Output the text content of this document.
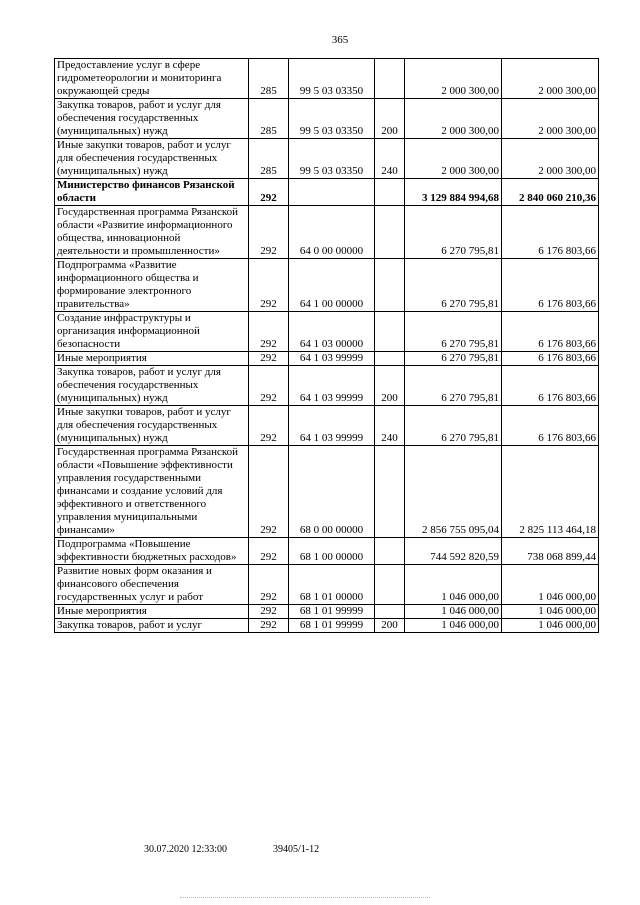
365
Предоставление услуг в сфере гидрометеорологии и мониторинга окружающей среды	285	99 5 03 03350		2 000 300,00	2 000 300,00
Закупка товаров, работ и услуг для обеспечения государственных (муниципальных) нужд	285	99 5 03 03350	200	2 000 300,00	2 000 300,00
Иные закупки товаров, работ и услуг для обеспечения государственных (муниципальных) нужд	285	99 5 03 03350	240	2 000 300,00	2 000 300,00
Министерство финансов Рязанской области	292			3 129 884 994,68	2 840 060 210,36
Государственная программа Рязанской области «Развитие информационного общества, инновационной деятельности и промышленности»	292	64 0 00 00000		6 270 795,81	6 176 803,66
Подпрограмма «Развитие информационного общества и формирование электронного правительства»	292	64 1 00 00000		6 270 795,81	6 176 803,66
Создание инфраструктуры и организация информационной безопасности	292	64 1 03 00000		6 270 795,81	6 176 803,66
Иные мероприятия	292	64 1 03 99999		6 270 795,81	6 176 803,66
Закупка товаров, работ и услуг для обеспечения государственных (муниципальных) нужд	292	64 1 03 99999	200	6 270 795,81	6 176 803,66
Иные закупки товаров, работ и услуг для обеспечения государственных (муниципальных) нужд	292	64 1 03 99999	240	6 270 795,81	6 176 803,66
Государственная программа Рязанской области «Повышение эффективности управления государственными финансами и создание условий для эффективного и ответственного управления муниципальными финансами»	292	68 0 00 00000		2 856 755 095,04	2 825 113 464,18
Подпрограмма «Повышение эффективности бюджетных расходов»	292	68 1 00 00000		744 592 820,59	738 068 899,44
Развитие новых форм оказания и финансового обеспечения государственных услуг и работ	292	68 1 01 00000		1 046 000,00	1 046 000,00
Иные мероприятия	292	68 1 01 99999		1 046 000,00	1 046 000,00
Закупка товаров, работ и услуг	292	68 1 01 99999	200	1 046 000,00	1 046 000,00
30.07.2020 12:33:00	39405/1-12
